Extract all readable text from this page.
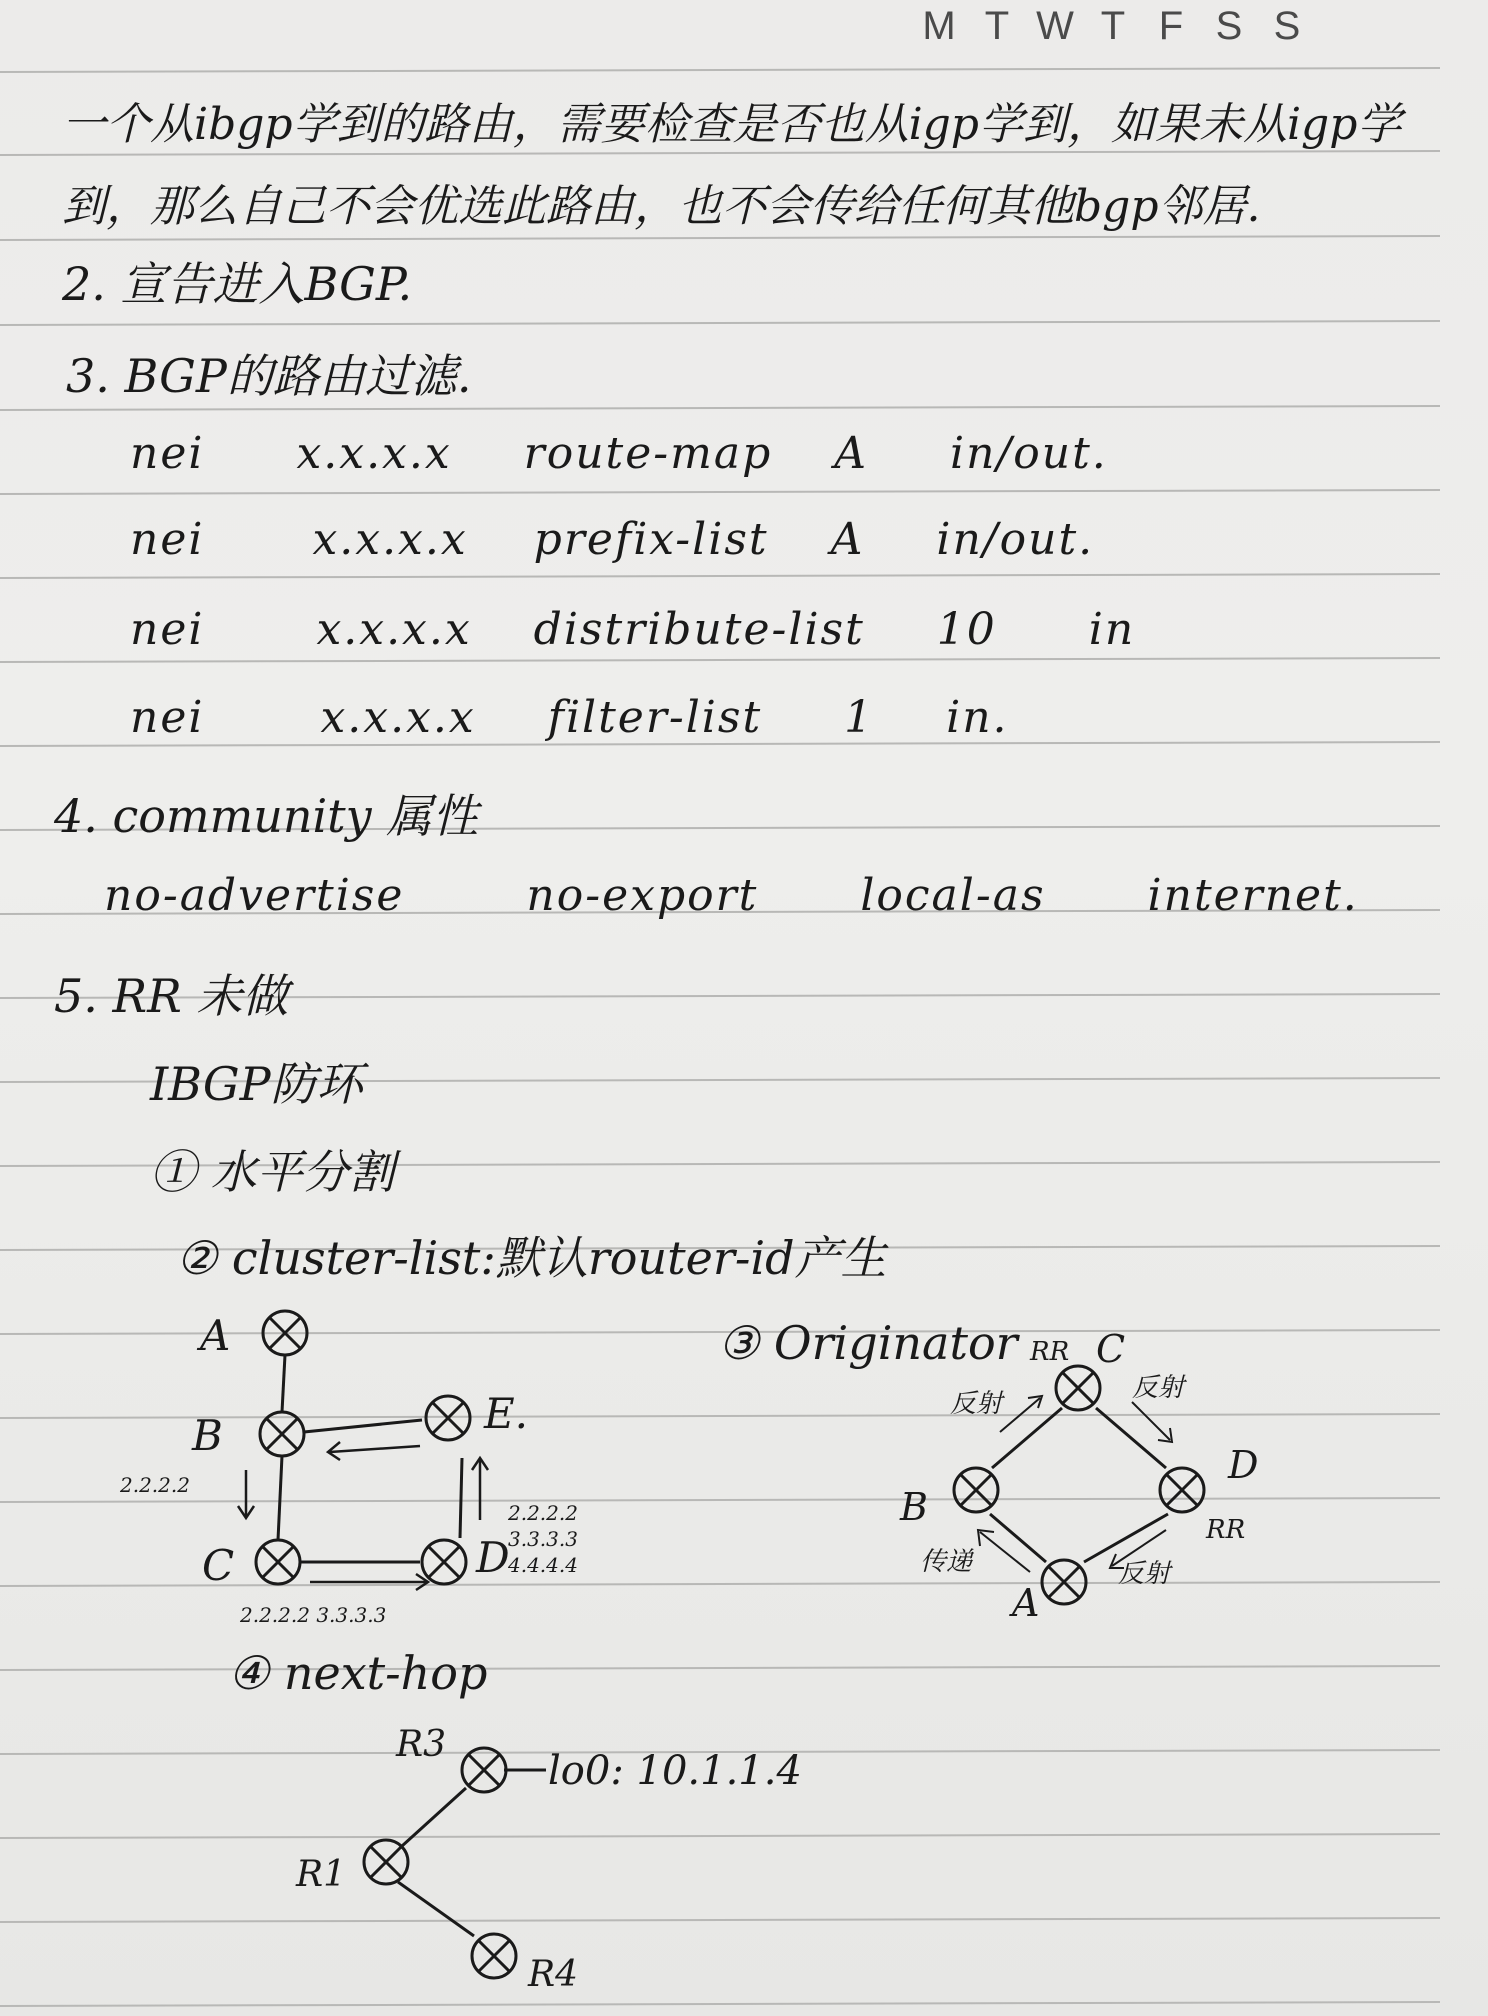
M T W T F S S
一个从ibgp学到的路由，需要检查是否也从igp学到，如果未从igp学
到，那么自己不会优选此路由，也不会传给任何其他bgp邻居.
2. 宣告进入BGP.
3. BGP的路由过滤.
nei x.x.x.x route-map A in/out.
nei x.x.x.x prefix-list A in/out.
nei	x.x.x.x distribute-list 10 in
nei	x.x.x.x filter-list 1 in.
4. community 属性
no-advertise	no-export local-as internet.
5. RR 未做
IBGP防环
① 水平分割
② cluster-list:默认router-id产生
③ Originator
④ next-hop
A
B
C	D
E.
2.2.2.2
2.2.2.2 3.3.3.3
2.2.2.2
3.3.3.3
4.4.4.4
RR C
D
RR
B
A
反射
反射
反射
传递
R3
R1
R4
lo0: 10.1.1.4
